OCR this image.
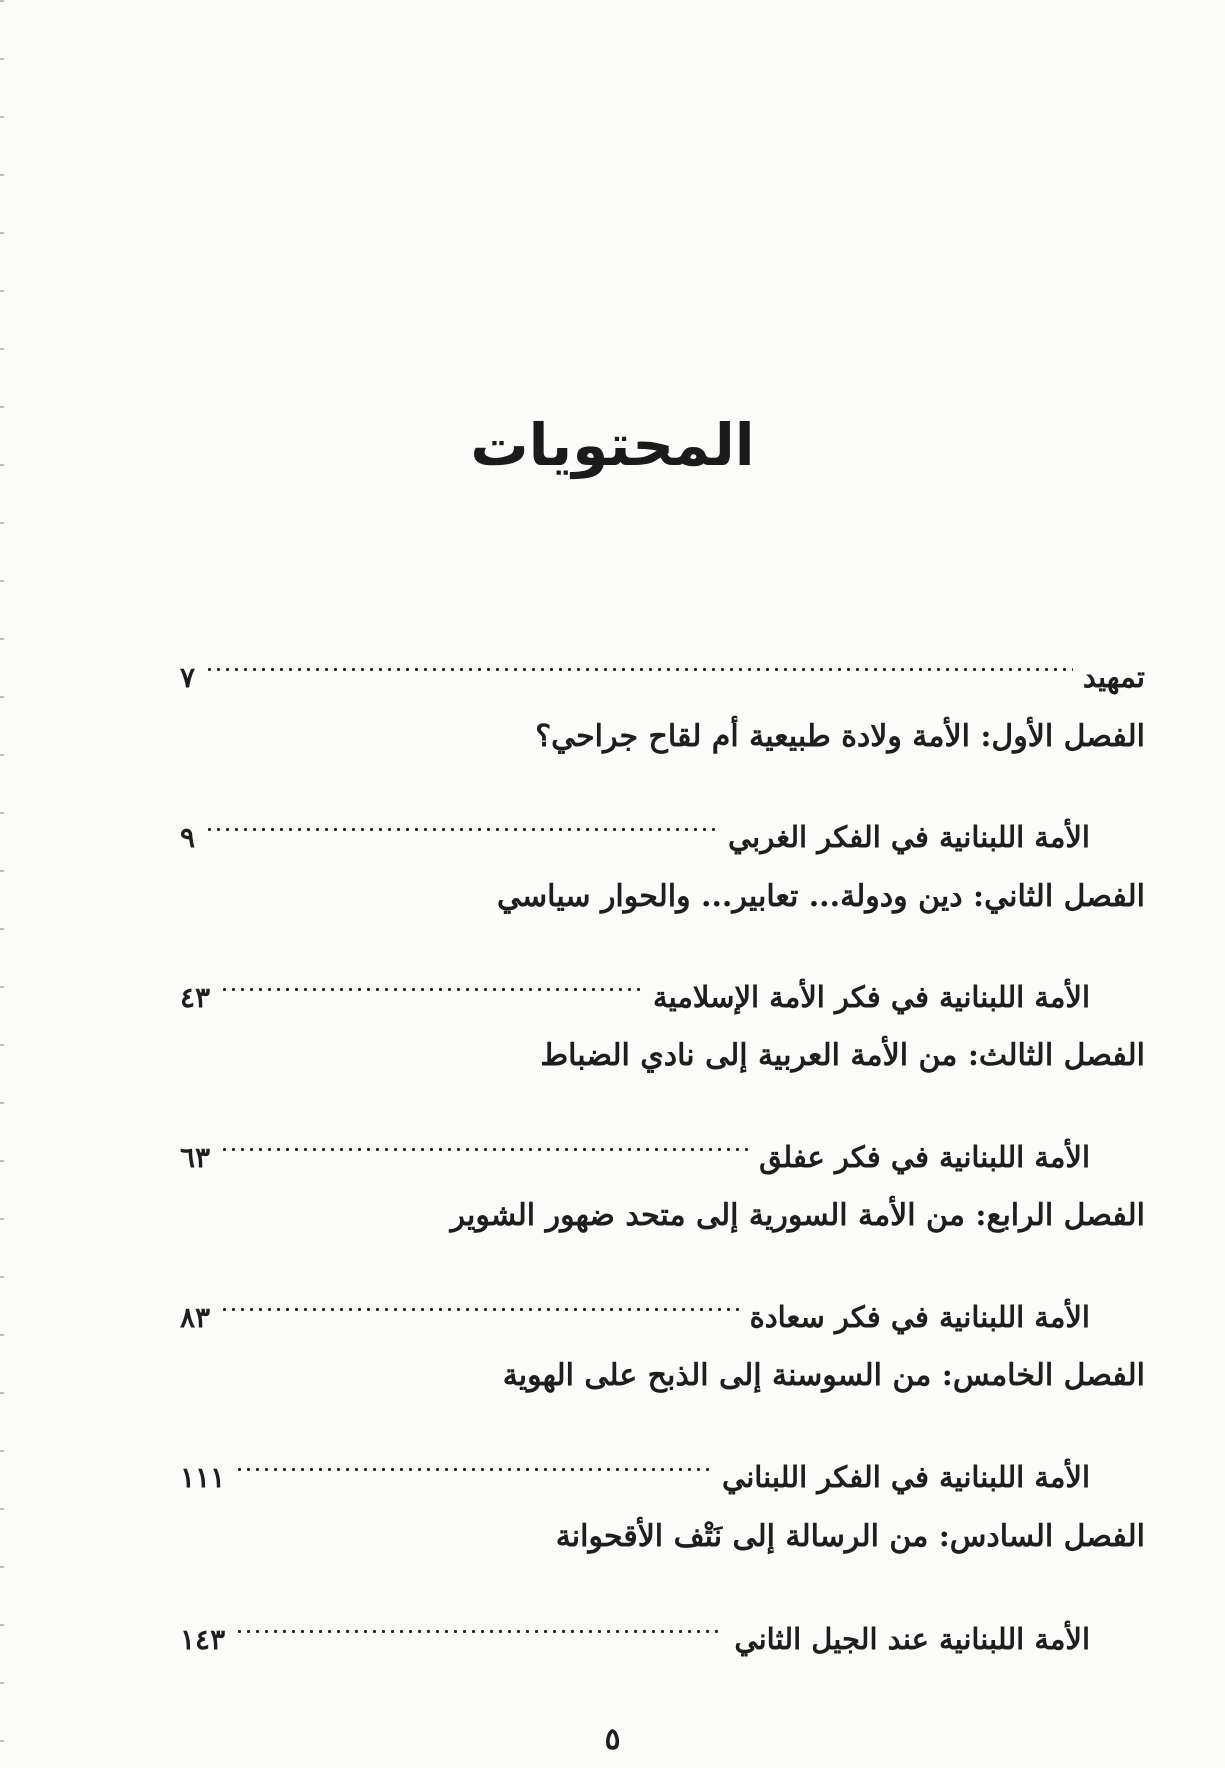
المحتويات
تمهيد
٧
الفصل الأول: الأمة ولادة طبيعية أم لقاح جراحي؟
الأمة اللبنانية في الفكر الغربي
٩
الفصل الثاني: دين ودولة... تعابير... والحوار سياسي
الأمة اللبنانية في فكر الأمة الإسلامية
٤٣
الفصل الثالث: من الأمة العربية إلى نادي الضباط
الأمة اللبنانية في فكر عفلق
٦٣
الفصل الرابع: من الأمة السورية إلى متحد ضهور الشوير
الأمة اللبنانية في فكر سعادة
٨٣
الفصل الخامس: من السوسنة إلى الذبح على الهوية
الأمة اللبنانية في الفكر اللبناني
١١١
الفصل السادس: من الرسالة إلى نَتْف الأقحوانة
الأمة اللبنانية عند الجيل الثاني
١٤٣
٥
